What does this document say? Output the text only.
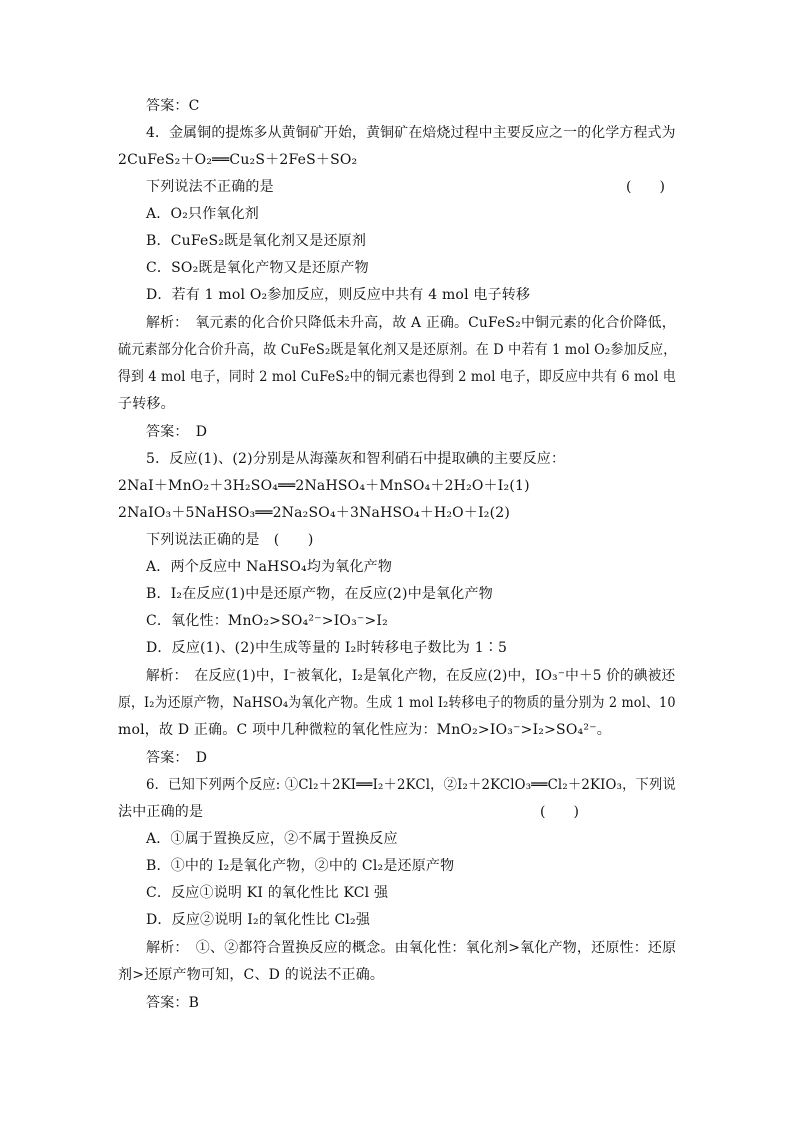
答案：C
4．金属铜的提炼多从黄铜矿开始，黄铜矿在焙烧过程中主要反应之一的化学方程式为
2CuFeS₂＋O₂══Cu₂S＋2FeS＋SO₂
下列说法不正确的是	(　　)
A．O₂只作氧化剂
B．CuFeS₂既是氧化剂又是还原剂
C．SO₂既是氧化产物又是还原产物
D．若有 1 mol O₂参加反应，则反应中共有 4 mol 电子转移
解析：　氧元素的化合价只降低未升高，故 A 正确。CuFeS₂中铜元素的化合价降低，
硫元素部分化合价升高，故 CuFeS₂既是氧化剂又是还原剂。在 D 中若有 1 mol O₂参加反应，
得到 4 mol 电子，同时 2 mol CuFeS₂中的铜元素也得到 2 mol 电子，即反应中共有 6 mol 电
子转移。
答案：　D
5．反应(1)、(2)分别是从海藻灰和智利硝石中提取碘的主要反应：
2NaI＋MnO₂＋3H₂SO₄══2NaHSO₄＋MnSO₄＋2H₂O＋I₂(1)
2NaIO₃＋5NaHSO₃══2Na₂SO₄＋3NaHSO₄＋H₂O＋I₂(2)
下列说法正确的是　(　　)
A．两个反应中 NaHSO₄均为氧化产物
B．I₂在反应(1)中是还原产物，在反应(2)中是氧化产物
C．氧化性：MnO₂>SO₄²⁻>IO₃⁻>I₂
D．反应(1)、(2)中生成等量的 I₂时转移电子数比为 1∶5
解析：　在反应(1)中，I⁻被氧化，I₂是氧化产物，在反应(2)中，IO₃⁻中＋5 价的碘被还
原，I₂为还原产物，NaHSO₄为氧化产物。生成 1 mol I₂转移电子的物质的量分别为 2 mol、10
mol，故 D 正确。C 项中几种微粒的氧化性应为：MnO₂>IO₃⁻>I₂>SO₄²⁻。
答案：　D
6．已知下列两个反应: ①Cl₂＋2KI══I₂＋2KCl，②I₂＋2KClO₃══Cl₂＋2KIO₃，下列说
法中正确的是	(　　)
A．①属于置换反应，②不属于置换反应
B．①中的 I₂是氧化产物，②中的 Cl₂是还原产物
C．反应①说明 KI 的氧化性比 KCl 强
D．反应②说明 I₂的氧化性比 Cl₂强
解析：　①、②都符合置换反应的概念。由氧化性：氧化剂>氧化产物，还原性：还原
剂>还原产物可知，C、D 的说法不正确。
答案：B
